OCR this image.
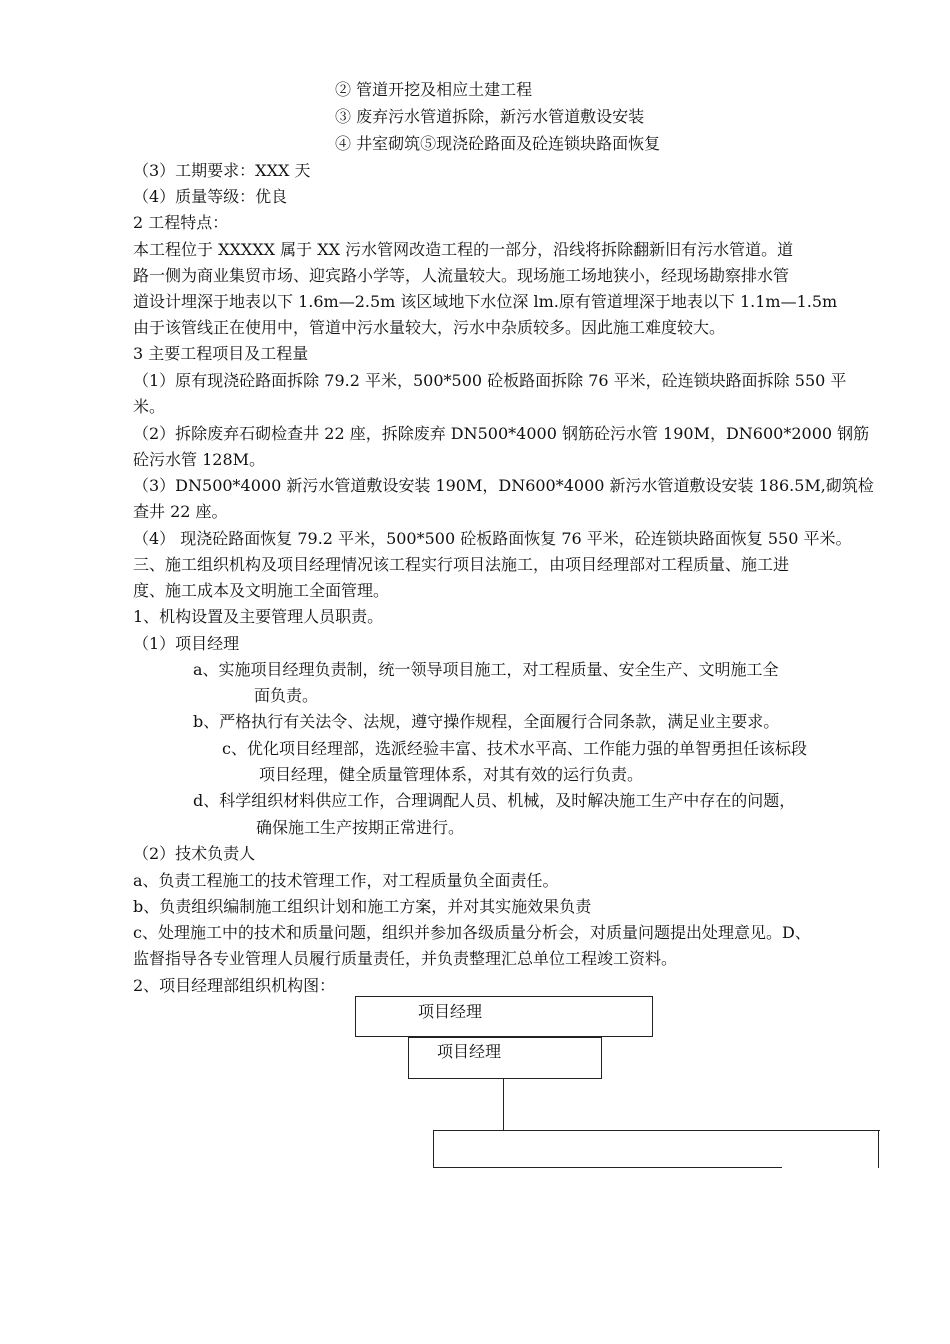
② 管道开挖及相应土建工程
③ 废弃污水管道拆除，新污水管道敷设安装
④ 井室砌筑⑤现浇砼路面及砼连锁块路面恢复
（3）工期要求：XXX 天
（4）质量等级：优良
2 工程特点：
本工程位于 XXXXX 属于 XX 污水管网改造工程的一部分，沿线将拆除翻新旧有污水管道。道
路一侧为商业集贸市场、迎宾路小学等，人流量较大。现场施工场地狭小，经现场勘察排水管
道设计埋深于地表以下 1.6m—2.5m 该区域地下水位深 lm.原有管道埋深于地表以下 1.1m—1.5m
由于该管线正在使用中，管道中污水量较大，污水中杂质较多。因此施工难度较大。
3 主要工程项目及工程量
（1）原有现浇砼路面拆除 79.2 平米，500*500 砼板路面拆除 76 平米，砼连锁块路面拆除 550 平
米。
（2）拆除废弃石砌检查井 22 座，拆除废弃 DN500*4000 钢筋砼污水管 190M，DN600*2000 钢筋
砼污水管 128M。
（3）DN500*4000 新污水管道敷设安装 190M，DN600*4000 新污水管道敷设安装 186.5M,砌筑检
查井 22 座。
（4） 现浇砼路面恢复 79.2 平米，500*500 砼板路面恢复 76 平米，砼连锁块路面恢复 550 平米。
三、施工组织机构及项目经理情况该工程实行项目法施工，由项目经理部对工程质量、施工进
度、施工成本及文明施工全面管理。
1、机构设置及主要管理人员职责。
（1）项目经理
a、实施项目经理负责制，统一领导项目施工，对工程质量、安全生产、文明施工全
面负责。
b、严格执行有关法令、法规，遵守操作规程，全面履行合同条款，满足业主要求。
c、优化项目经理部，选派经验丰富、技术水平高、工作能力强的单智勇担任该标段
项目经理，健全质量管理体系，对其有效的运行负责。
d、科学组织材料供应工作，合理调配人员、机械，及时解决施工生产中存在的问题，
确保施工生产按期正常进行。
（2）技术负责人
a、负责工程施工的技术管理工作，对工程质量负全面责任。
b、负责组织编制施工组织计划和施工方案，并对其实施效果负责
c、处理施工中的技术和质量问题，组织并参加各级质量分析会，对质量问题提出处理意见。D、
监督指导各专业管理人员履行质量责任，并负责整理汇总单位工程竣工资料。
2、项目经理部组织机构图：
项目经理
项目经理
